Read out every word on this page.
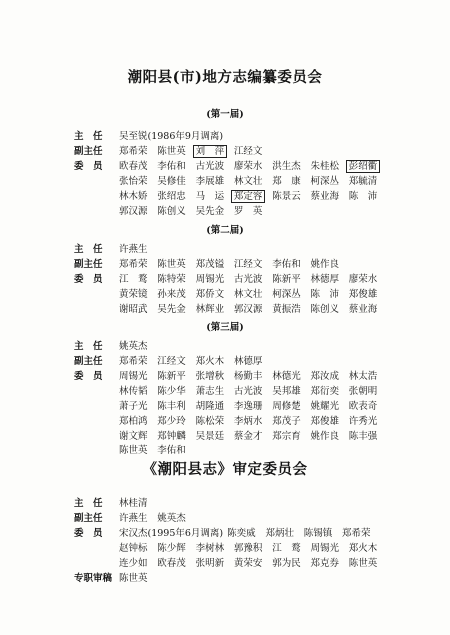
潮阳县(市)地方志编纂委员会
(第一届)
主　任 吴至锐(1986年9月调离)
副主任 郑希荣 陈世英 刘　萍 江经文
委　员 欧春茂 李佑和 古光波 廖荣水 洪生杰 朱桂松 彭绍衢
张怡荣 吴修佳 李展雄 林文壮 郑　康 柯深丛 郑毓清
林木娇 张绍忠 马　运 郑定容 陈景云 蔡业海 陈　沛
郭汉源 陈创义 吴先金 罗　英
(第二届)
主　任 许燕生
副主任 郑希荣 陈世英 郑茂镒 江经文 李佑和 姚作良
委　员 江　鹜 陈特荣 周锡光 古光波 陈新平 林德厚 廖荣水
黄荣镜 孙来茂 郑侨文 林文壮 柯深丛 陈　沛 郑俊雄
谢昭武 吴先金 林辉业 郭汉源 黄振浩 陈创义 蔡业海
(第三届)
主　任 姚英杰
副主任 郑希荣 江经文 郑火木 林德厚
委　员 周锡光 陈新平 张增秋 杨勤丰 林德光 郑汝成 林太浩
林传韬 陈少华 萧志生 古光波 吴邦雄 郑衍奕 张朝明
萧子光 陈丰利 胡隆通 李逸珊 周修楚 姚耀光 欧表奇
郑柏鸿 郑少玲 陈松荣 李炳水 郑茂子 郑俊雄 许秀光
谢文辉 郑钟麟 吴景廷 蔡金才 郑宗育 姚作良 陈丰强
陈世英 李佑和
《潮阳县志》审定委员会
主　任 林桂清
副主任 许燕生 姚英杰
委　员 宋汉杰(1995年6月调离) 陈奕威 郑炳壮 陈锡镇 郑希荣
赵钟标 陈少辉 李树林 郭豫积 江　鹜 周锡光 郑火木
连少如 欧春茂 张明新 黄荣安 郭为民 郑克券 陈世英
专职审稿 陈世英
